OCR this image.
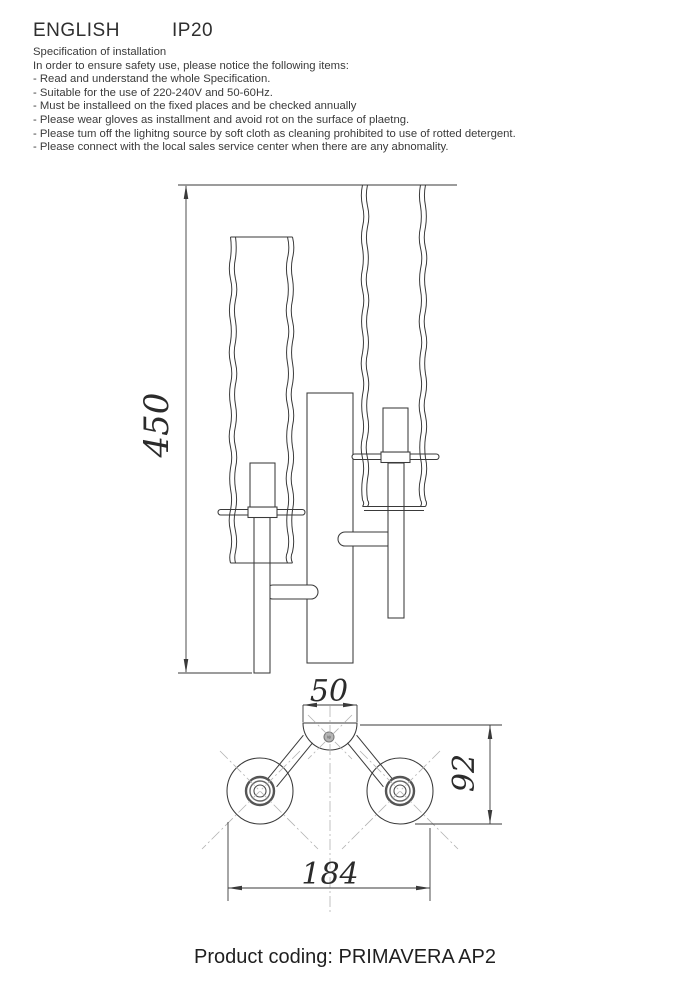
ENGLISH	IP20
Specification of installation
In order to ensure safety use, please notice the following items:
- Read and understand the whole Specification.
- Suitable for the use of 220-240V and 50-60Hz.
- Must be installeed on the fixed places and be checked annually
- Please wear gloves as installment and avoid rot on the surface of plaetng.
- Please tum off the lighitng source by soft cloth as cleaning prohibited to use of rotted detergent.
- Please connect with the local sales service center when there are any abnomality.
450
50
92
184
Product coding: PRIMAVERA AP2
